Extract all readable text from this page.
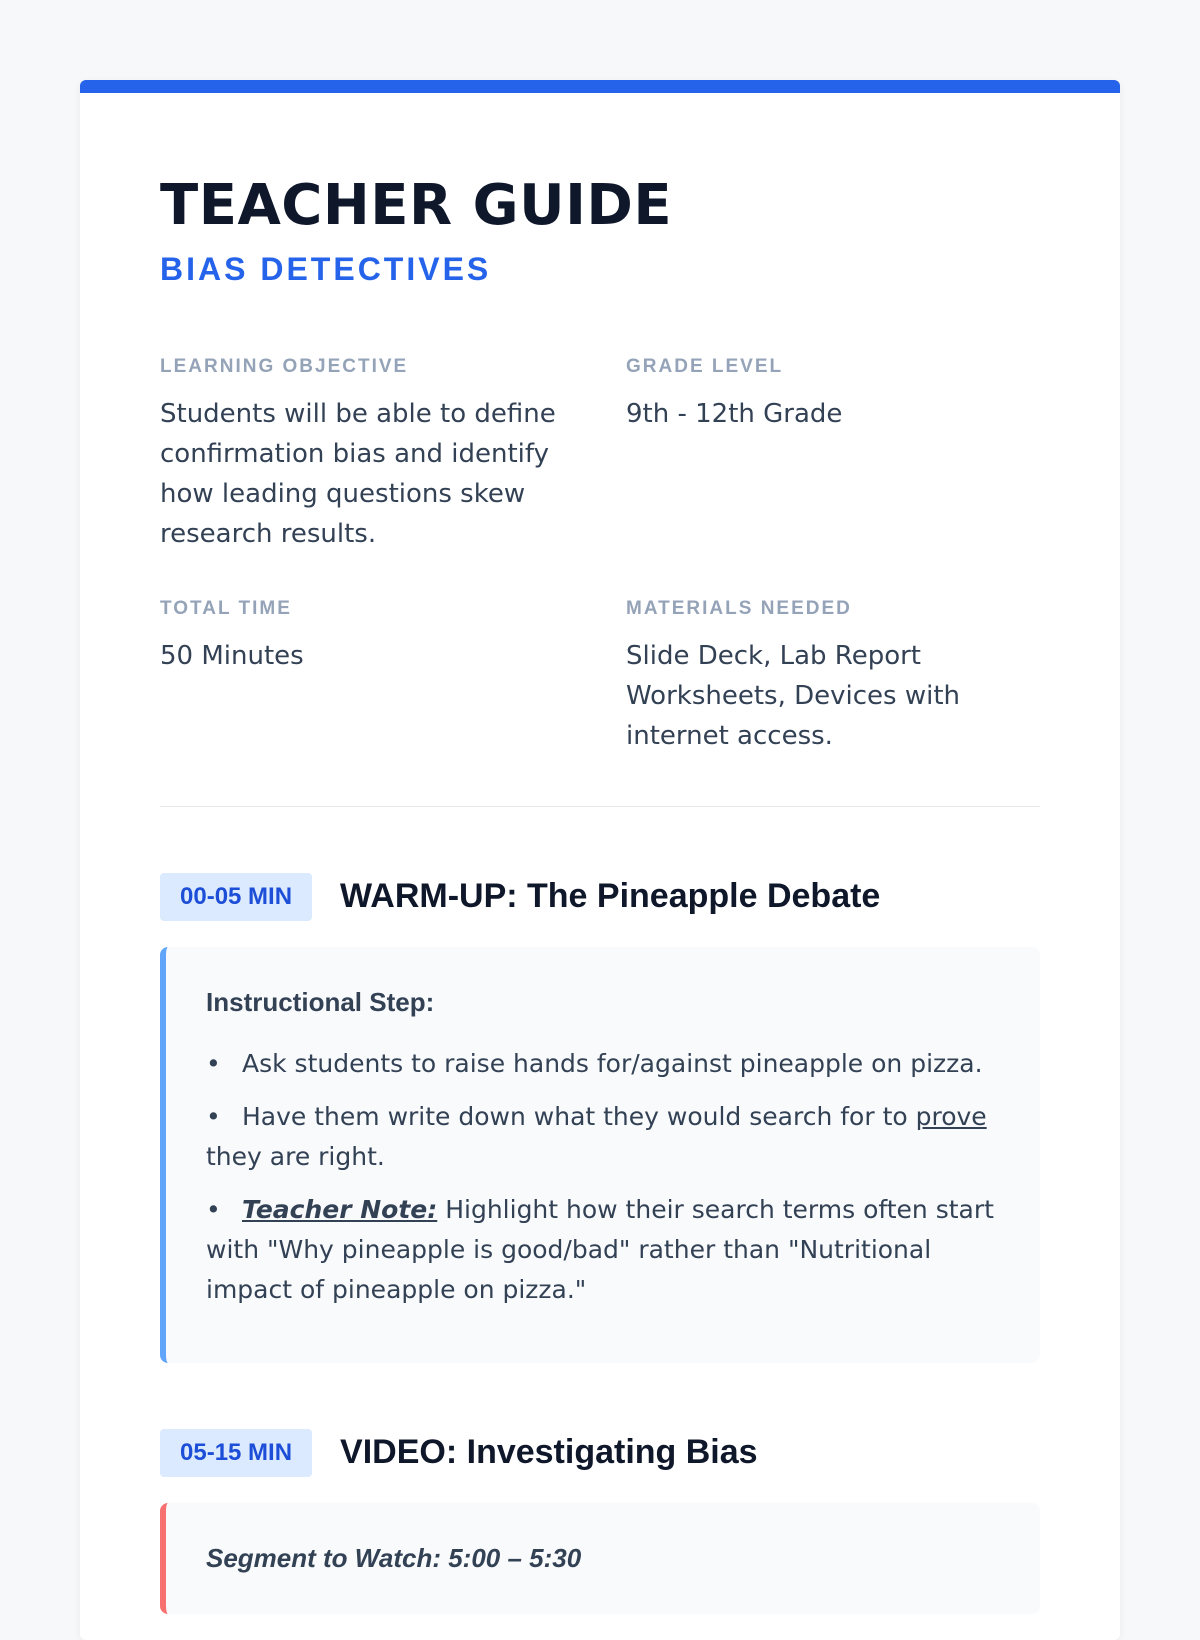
TEACHER GUIDE
BIAS DETECTIVES
LEARNING OBJECTIVE
Students will be able to define confirmation bias and identify how leading questions skew research results.
GRADE LEVEL
9th - 12th Grade
TOTAL TIME
50 Minutes
MATERIALS NEEDED
Slide Deck, Lab Report Worksheets, Devices with internet access.
00-05 MIN	WARM-UP: The Pineapple Debate
Instructional Step:
• Ask students to raise hands for/against pineapple on pizza.
• Have them write down what they would search for to prove they are right.
• Teacher Note: Highlight how their search terms often start with "Why pineapple is good/bad" rather than "Nutritional impact of pineapple on pizza."
05-15 MIN	VIDEO: Investigating Bias
Segment to Watch: 5:00 – 5:30
